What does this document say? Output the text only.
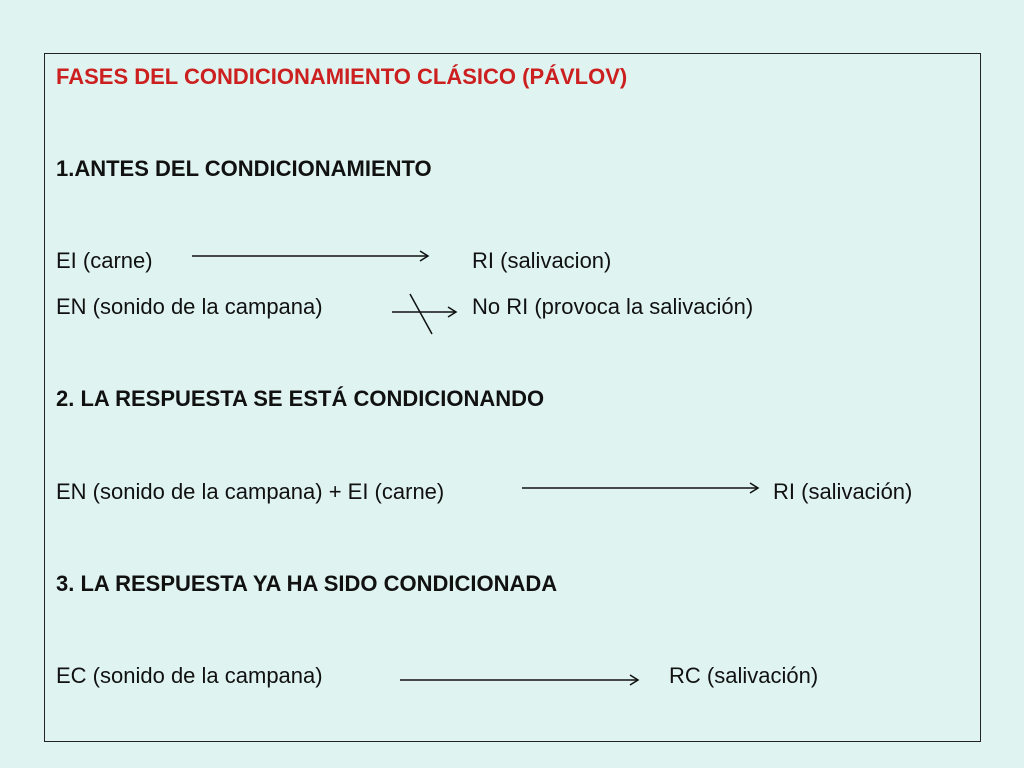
FASES DEL CONDICIONAMIENTO CLÁSICO (PÁVLOV)
1.ANTES DEL CONDICIONAMIENTO
EI (carne)	RI (salivacion)
EN (sonido de la campana)	No RI (provoca la salivación)
2. LA RESPUESTA SE ESTÁ CONDICIONANDO
EN (sonido de la campana) + EI (carne)	RI (salivación)
3. LA RESPUESTA YA HA SIDO CONDICIONADA
EC (sonido de la campana)	RC (salivación)
